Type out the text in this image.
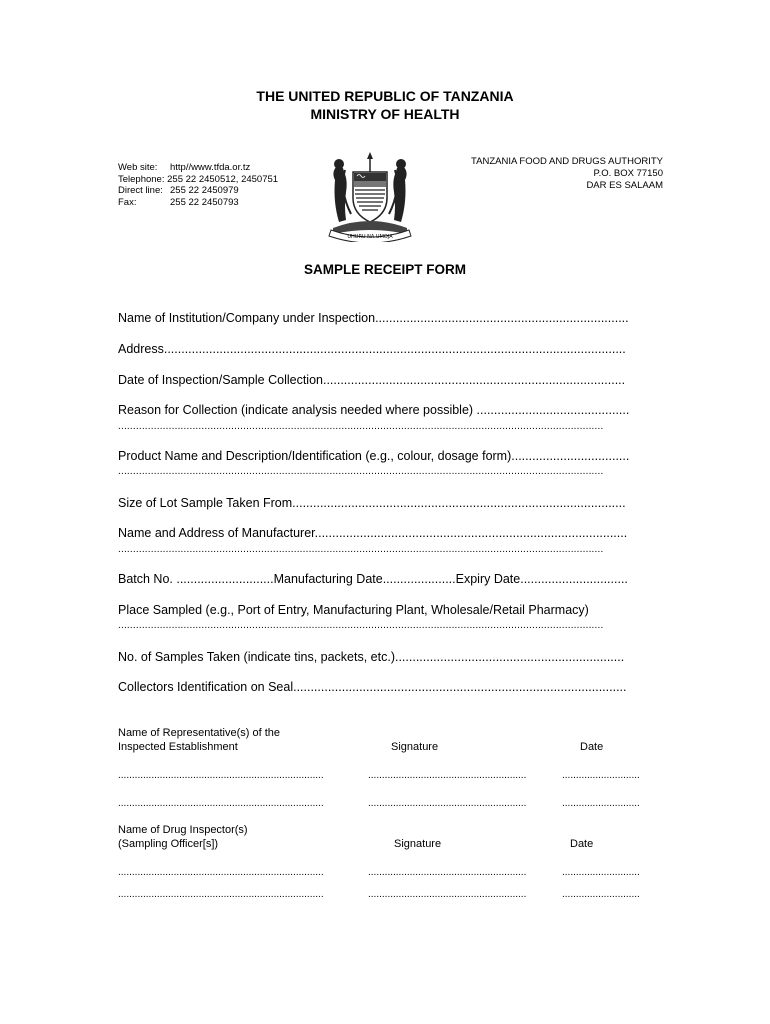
THE UNITED REPUBLIC OF TANZANIA
MINISTRY OF HEALTH
Web site:	http//www.tfda.or.tz
Telephone: 255 22 2450512, 2450751
Direct line: 255 22 2450979
Fax:	255 22 2450793
UHURU NA UMOJA
TANZANIA FOOD AND DRUGS AUTHORITY
P.O. BOX 77150
DAR ES SALAAM
SAMPLE RECEIPT FORM
Name of Institution/Company under Inspection.........................................................................
Address.....................................................................................................................................
Date of Inspection/Sample Collection.......................................................................................
Reason for Collection (indicate analysis needed where possible) ............................................
...................................................................................................................................................................
Product Name and Description/Identification (e.g., colour, dosage form)..................................
...................................................................................................................................................................
Size of Lot Sample Taken From................................................................................................
Name and Address of Manufacturer..........................................................................................
...................................................................................................................................................................
Batch No. ............................Manufacturing Date.....................Expiry Date...............................
Place Sampled (e.g., Port of Entry, Manufacturing Plant, Wholesale/Retail Pharmacy)
...................................................................................................................................................................
No. of Samples Taken (indicate tins, packets, etc.)..................................................................
Collectors Identification on Seal................................................................................................
Name of Representative(s) of the
Inspected Establishment	Signature	Date
..........................................................................	.........................................................	............................
..........................................................................	.........................................................	............................
Name of Drug Inspector(s)
(Sampling Officer[s])	Signature	Date
..........................................................................	.........................................................	............................
..........................................................................	.........................................................	............................
